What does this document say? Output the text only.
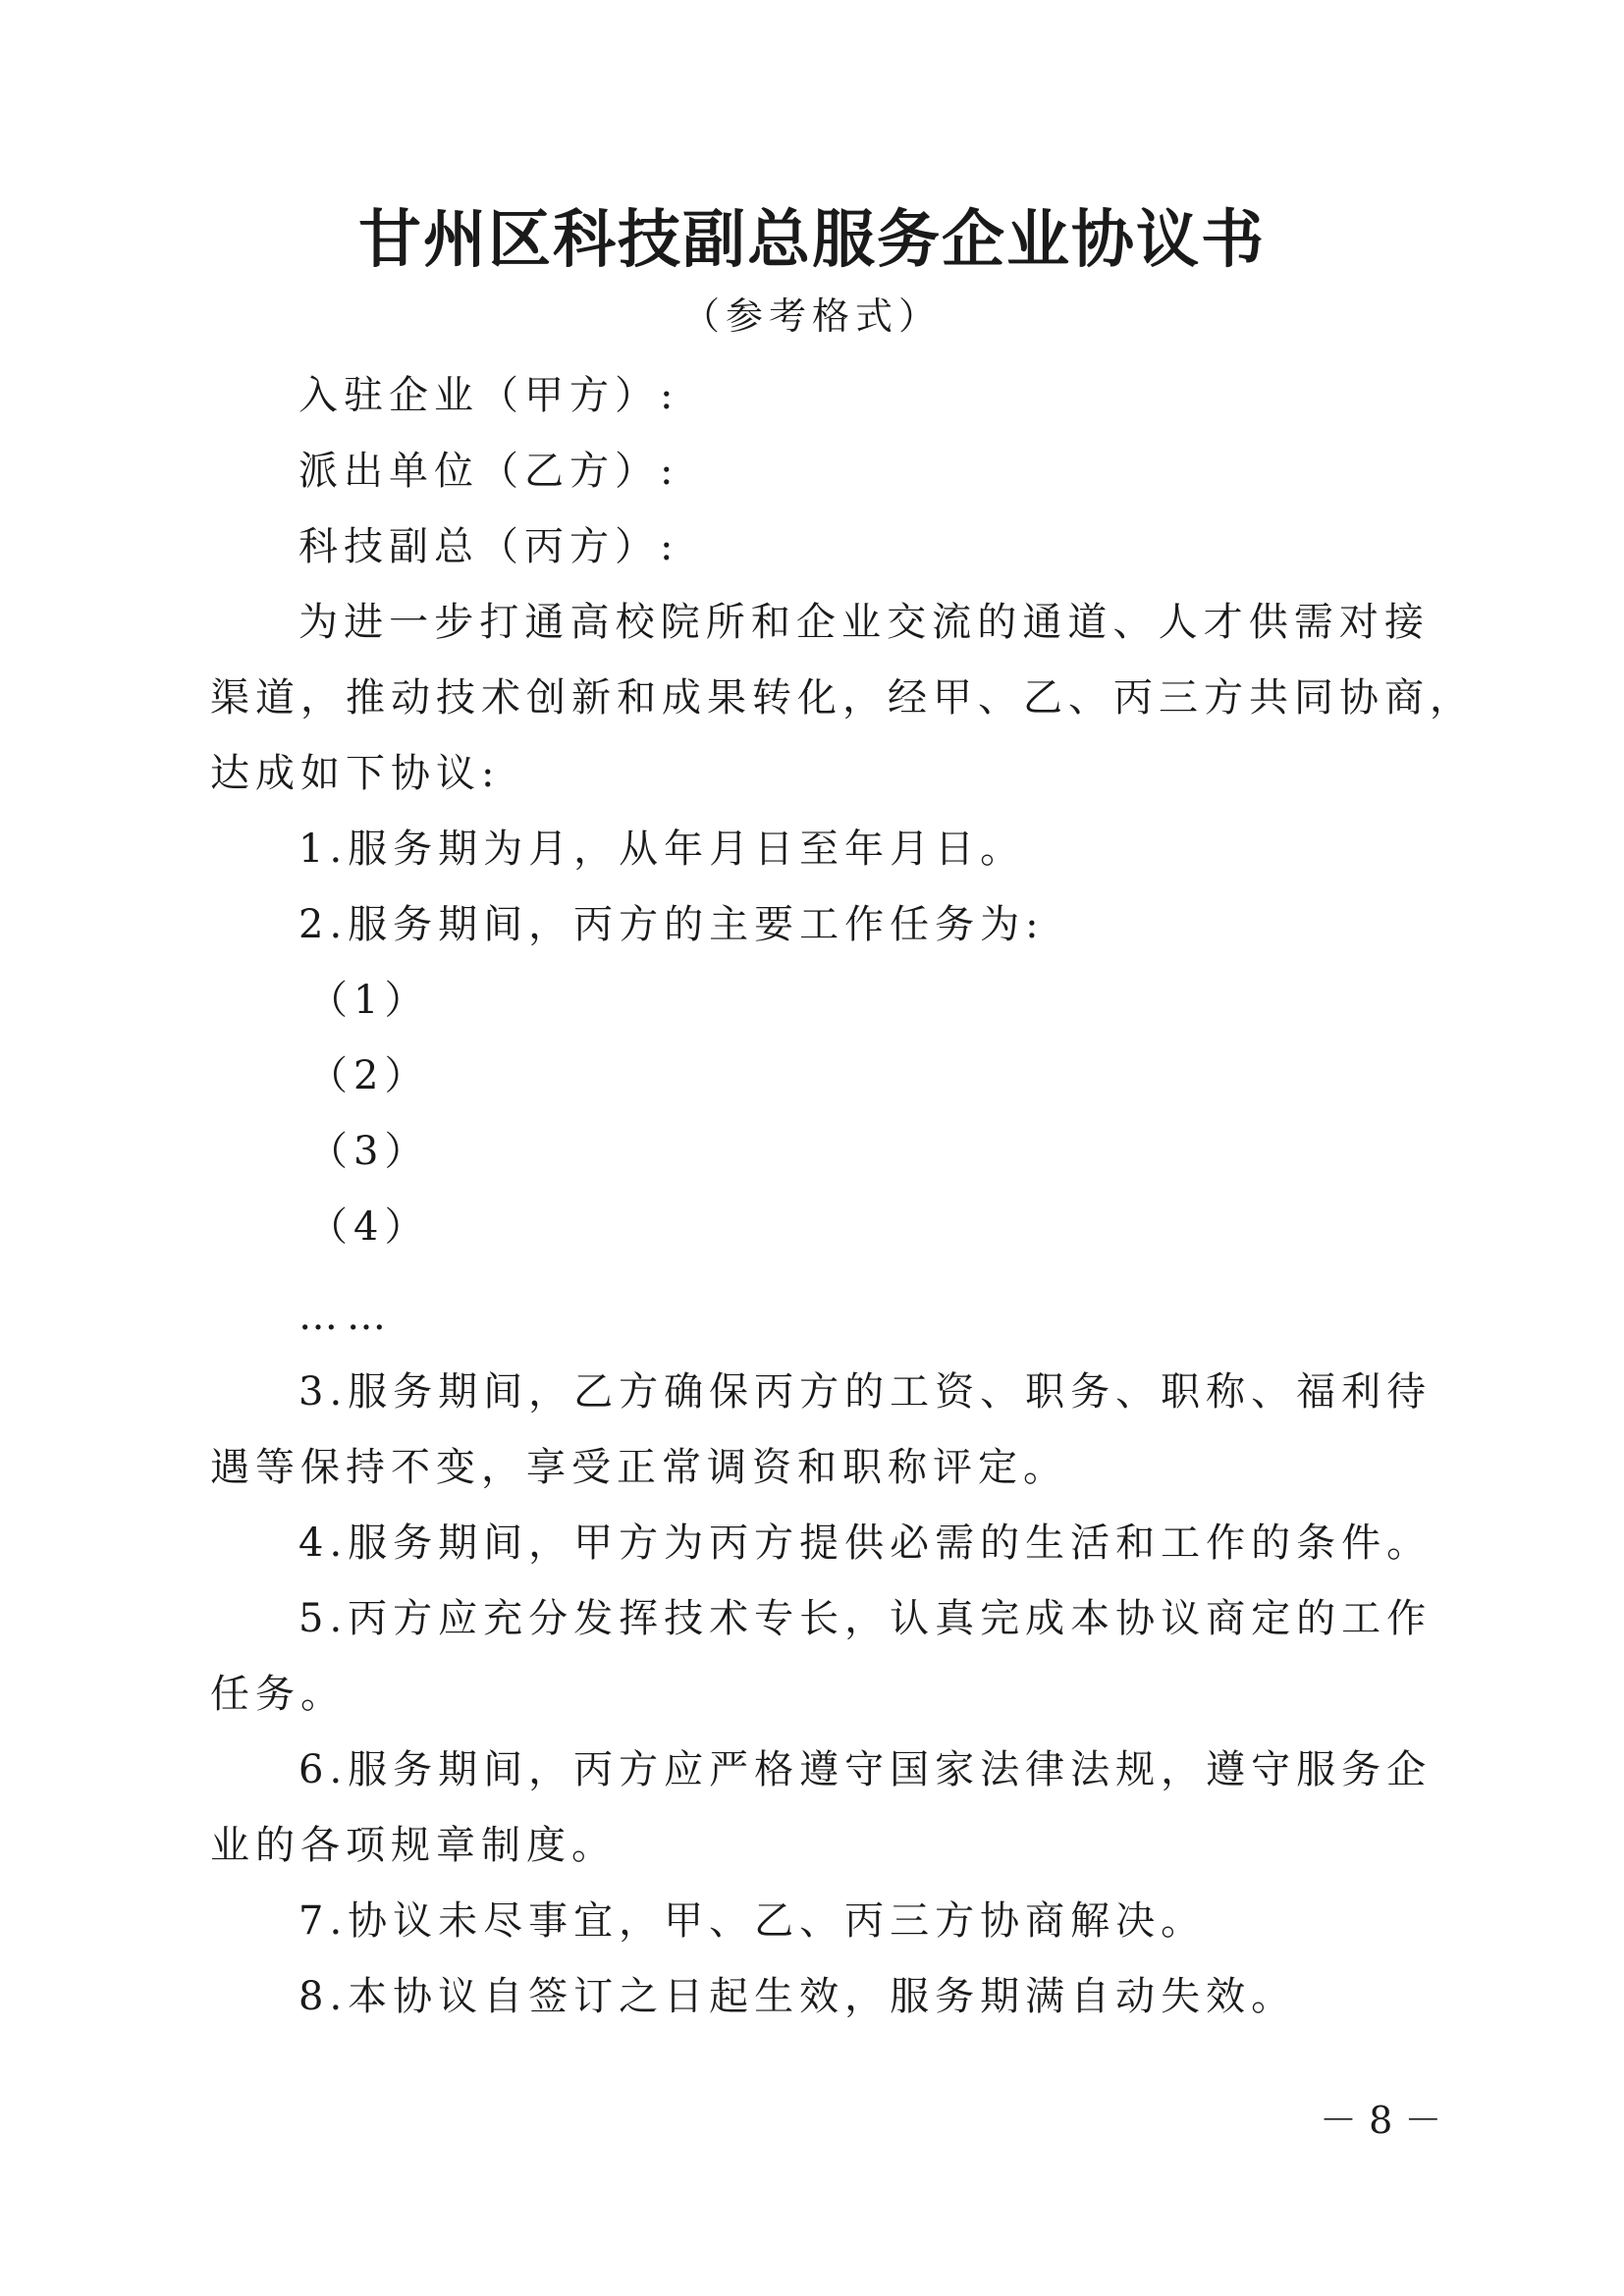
甘州区科技副总服务企业协议书
（参考格式）
入驻企业（甲方）:
派出单位（乙方）:
科技副总（丙方）:
为进一步打通高校院所和企业交流的通道、人才供需对接
渠道，推动技术创新和成果转化，经甲、乙、丙三方共同协商，
达成如下协议:
1.服务期为月，从年月日至年月日。
2.服务期间，丙方的主要工作任务为:
（1）
（2）
（3）
（4）
……
3.服务期间，乙方确保丙方的工资、职务、职称、福利待
遇等保持不变，享受正常调资和职称评定。
4.服务期间，甲方为丙方提供必需的生活和工作的条件。
5.丙方应充分发挥技术专长，认真完成本协议商定的工作
任务。
6.服务期间，丙方应严格遵守国家法律法规，遵守服务企
业的各项规章制度。
7.协议未尽事宜，甲、乙、丙三方协商解决。
8.本协议自签订之日起生效，服务期满自动失效。
－ 8 －
